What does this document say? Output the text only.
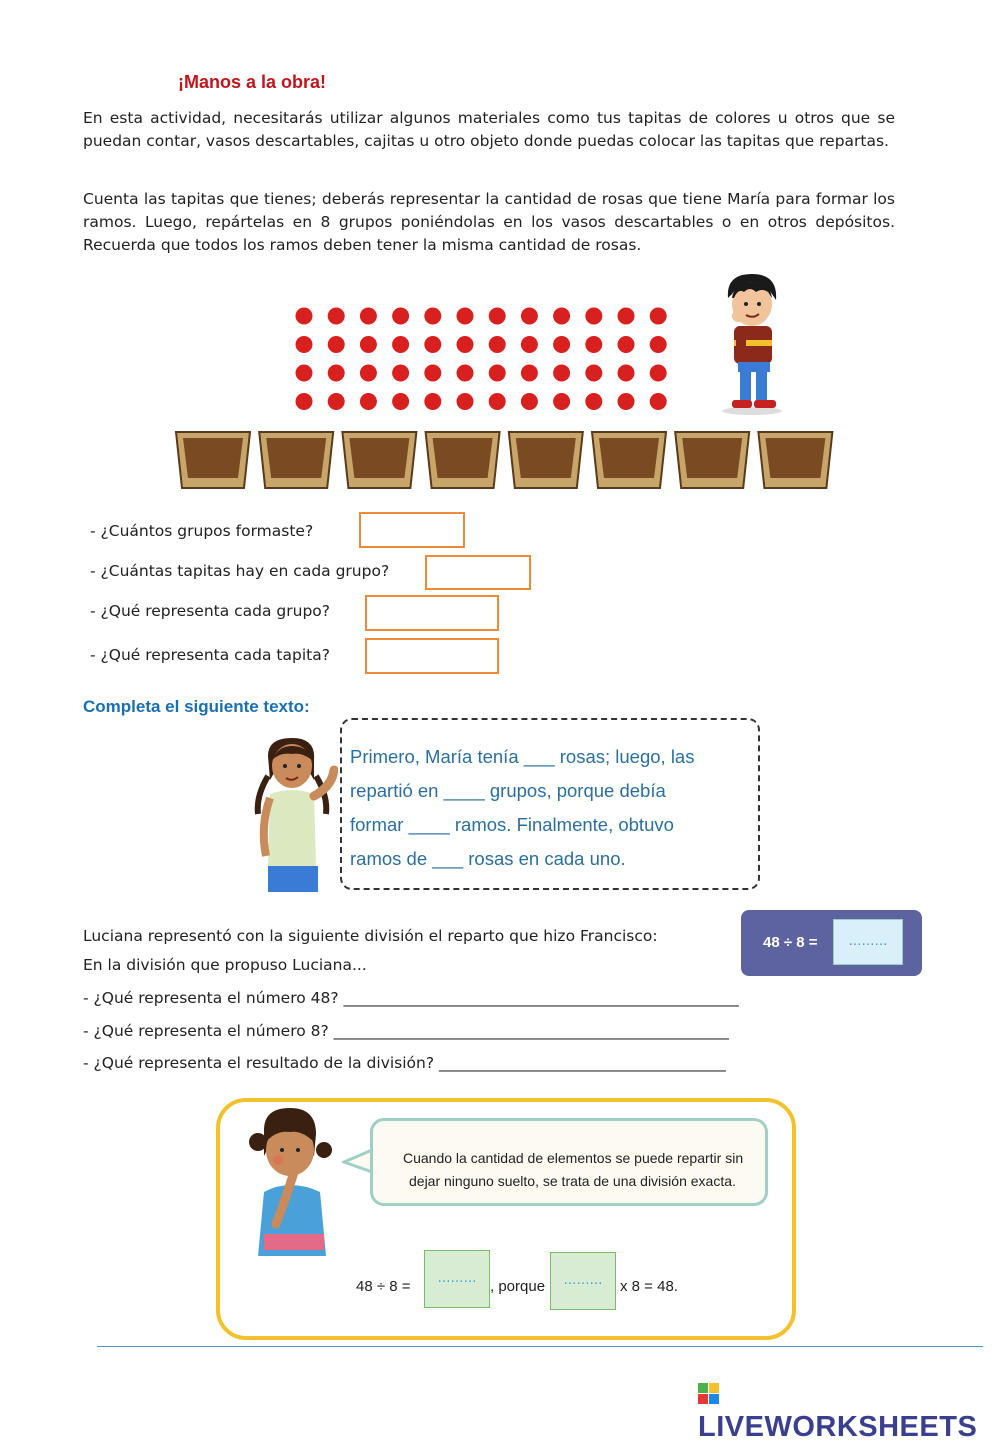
¡Manos a la obra!
En esta actividad, necesitarás utilizar algunos materiales como tus tapitas de colores u otros que se puedan contar, vasos descartables, cajitas u otro objeto donde puedas colocar las tapitas que repartas.
Cuenta las tapitas que tienes; deberás representar la cantidad de rosas que tiene María para formar los ramos. Luego, repártelas en 8 grupos poniéndolas en los vasos descartables o en otros depósitos. Recuerda que todos los ramos deben tener la misma cantidad de rosas.
- ¿Cuántos grupos formaste?
- ¿Cuántas tapitas hay en cada grupo?
- ¿Qué representa cada grupo?
- ¿Qué representa cada tapita?
Completa el siguiente texto:
Primero, María tenía ___ rosas; luego, las
repartió en ____ grupos, porque debía
formar ____ ramos. Finalmente, obtuvo
ramos de ___ rosas en cada uno.
Luciana representó con la siguiente división el reparto que hizo Francisco:
En la división que propuso Luciana...
48 ÷ 8 =	………
- ¿Qué representa el número 48? ___________________________________________________
- ¿Qué representa el número 8? ___________________________________________________
- ¿Qué representa el resultado de la división? _____________________________________
Cuando la cantidad de elementos se puede repartir sin
dejar ninguno suelto, se trata de una división exacta.
48 ÷ 8 =	……… , porque	………	x 8 = 48.
LIVEWORKSHEETS
